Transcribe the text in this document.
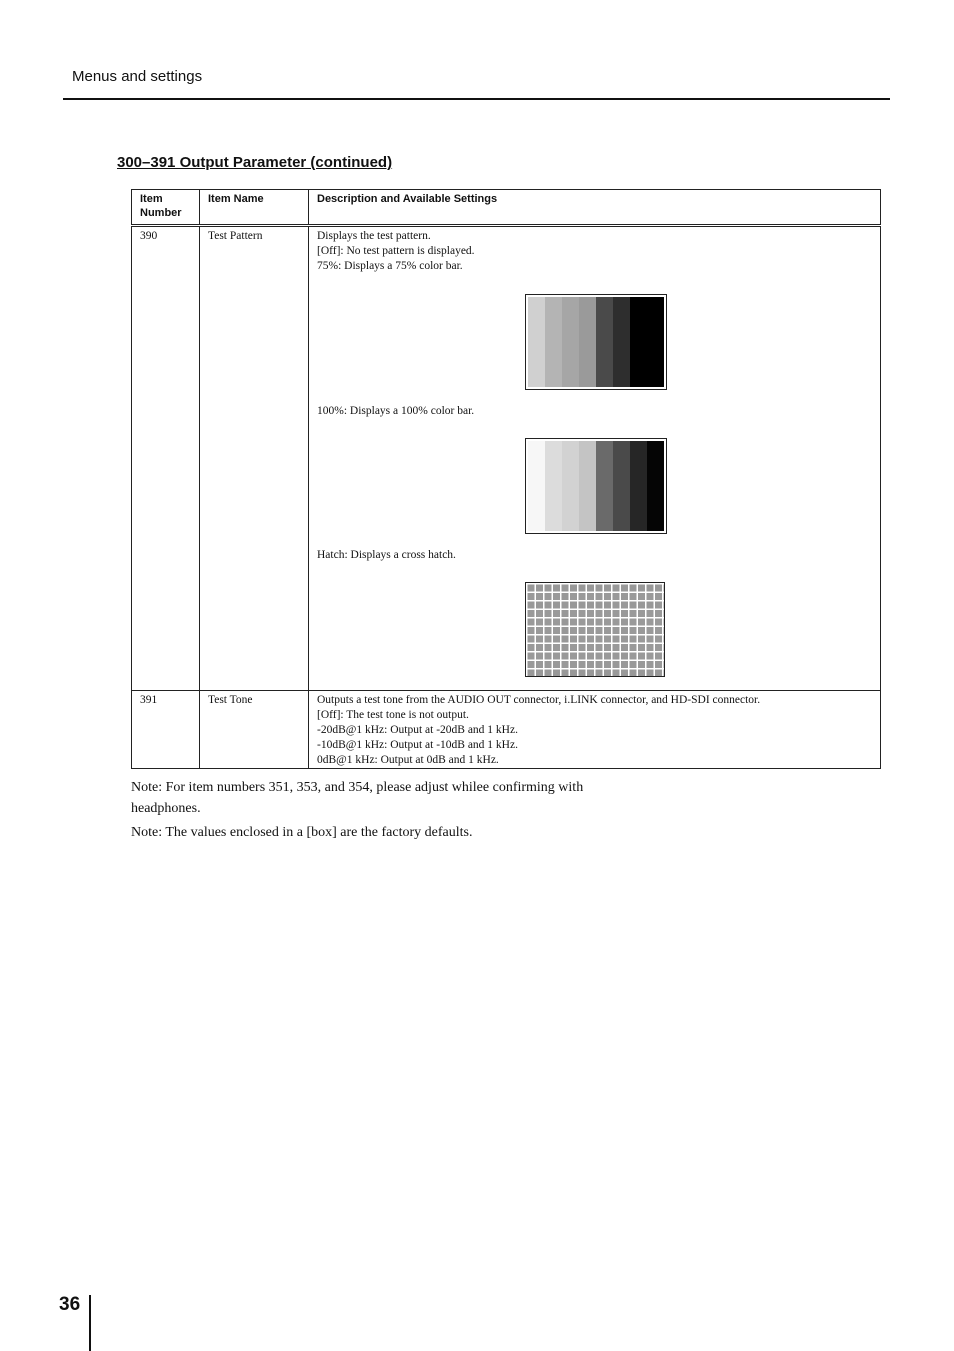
Menus and settings
300–391 Output Parameter (continued)
Item Number	Item Name	Description and Available Settings
390	Test Pattern	Displays the test pattern.
[Off]: No test pattern is displayed.
75%: Displays a 75% color bar.
100%: Displays a 100% color bar.
Hatch: Displays a cross hatch.

391	Test Tone	Outputs a test tone from the AUDIO OUT connector, i.LINK connector, and HD-SDI connector.
[Off]: The test tone is not output.
-20dB@1 kHz: Output at -20dB and 1 kHz.
-10dB@1 kHz: Output at -10dB and 1 kHz.
0dB@1 kHz: Output at 0dB and 1 kHz.
Note: For item numbers 351, 353, and 354, please adjust whilee confirming with headphones.
Note: The values enclosed in a [box] are the factory defaults.
36
